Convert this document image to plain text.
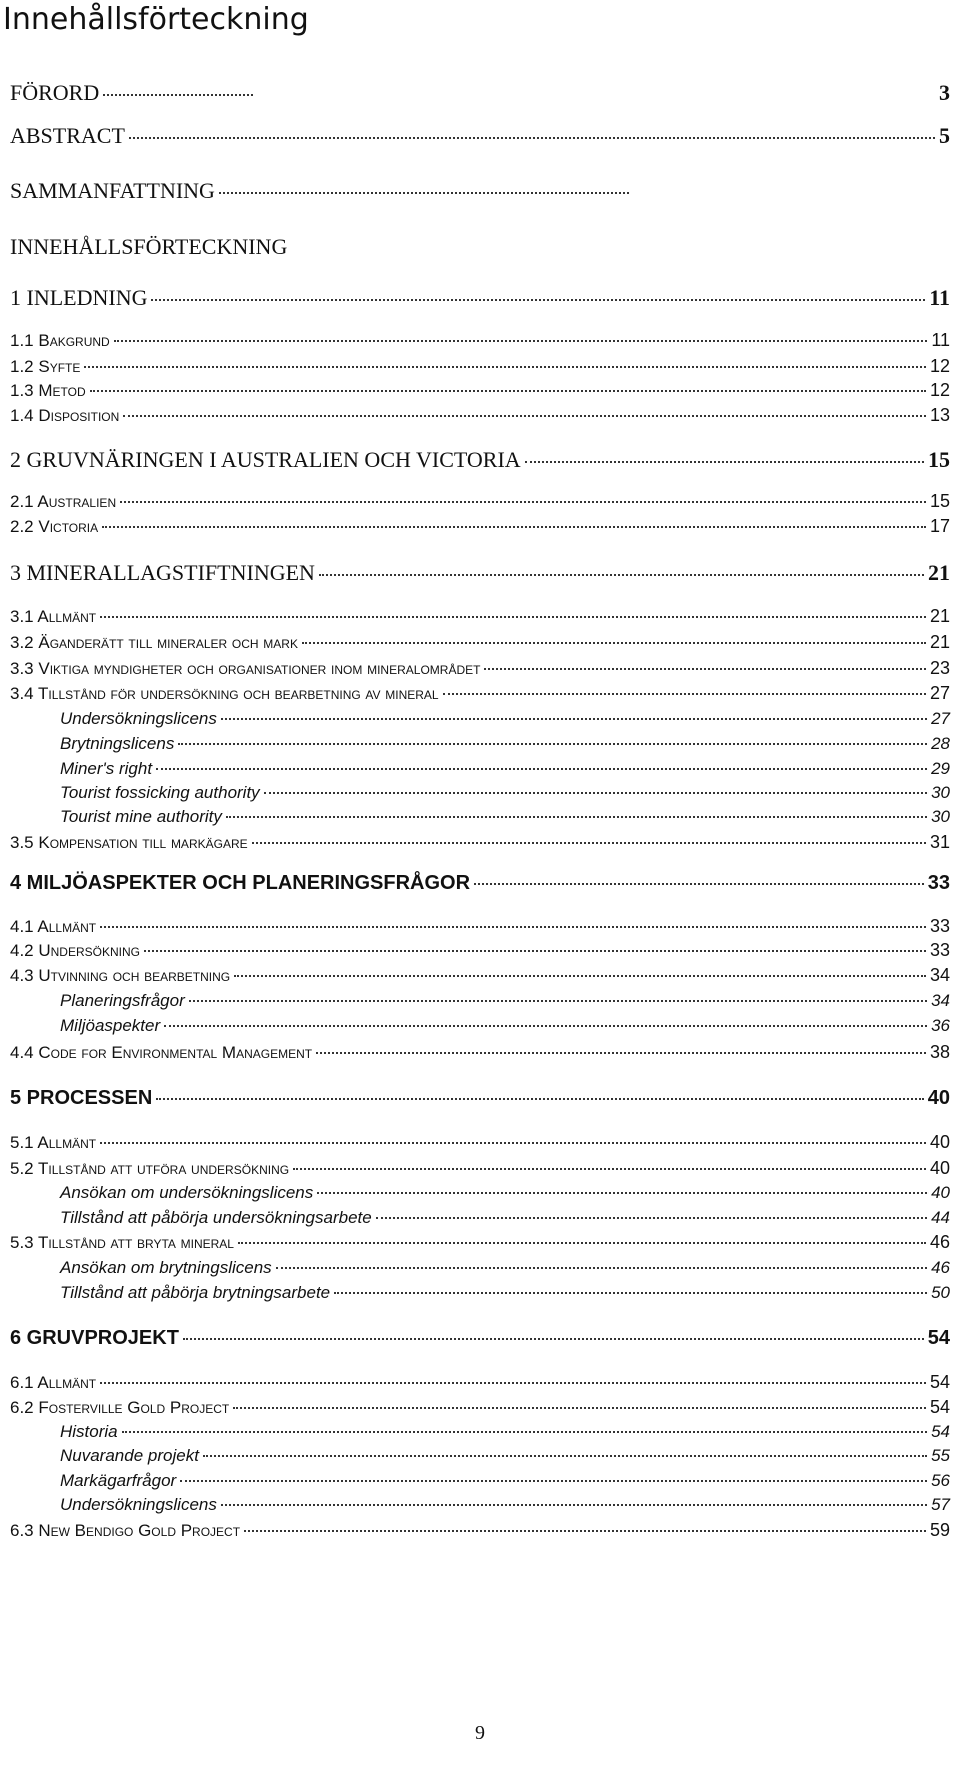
Innehållsförteckning
FÖRORD	3
ABSTRACT	5
SAMMANFATTNING
INNEHÅLLSFÖRTECKNING
1 INLEDNING	11
1.1 Bakgrund	11
1.2 Syfte	12
1.3 Metod	12
1.4 Disposition	13
2 GRUVNÄRINGEN I AUSTRALIEN OCH VICTORIA	15
2.1 Australien	15
2.2 Victoria	17
3 MINERALLAGSTIFTNINGEN	21
3.1 Allmänt	21
3.2 Äganderätt till mineraler och mark	21
3.3 Viktiga myndigheter och organisationer inom mineralområdet	23
3.4 Tillstånd för undersökning och bearbetning av mineral	27
Undersökningslicens	27
Brytningslicens	28
Miner's right	29
Tourist fossicking authority	30
Tourist mine authority	30
3.5 Kompensation till markägare	31
4 MILJÖASPEKTER OCH PLANERINGSFRÅGOR	33
4.1 Allmänt	33
4.2 Undersökning	33
4.3 Utvinning och bearbetning	34
Planeringsfrågor	34
Miljöaspekter	36
4.4 Code for Environmental Management	38
5 PROCESSEN	40
5.1 Allmänt	40
5.2 Tillstånd att utföra undersökning	40
Ansökan om undersökningslicens	40
Tillstånd att påbörja undersökningsarbete	44
5.3 Tillstånd att bryta mineral	46
Ansökan om brytningslicens	46
Tillstånd att påbörja brytningsarbete	50
6 GRUVPROJEKT	54
6.1 Allmänt	54
6.2 Fosterville Gold Project	54
Historia	54
Nuvarande projekt	55
Markägarfrågor	56
Undersökningslicens	57
6.3 New Bendigo Gold Project	59
9
